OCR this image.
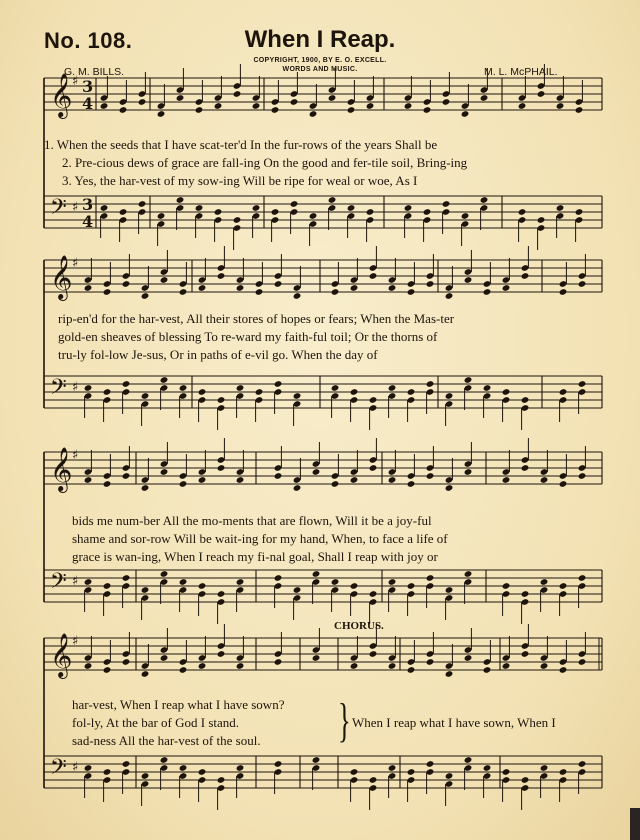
No. 108.	When I Reap.
COPYRIGHT, 1900, BY E. O. EXCELL.
WORDS AND MUSIC.
G. M. BILLS.	M. L. McPHAIL.
𝄞 ♯ 3
4
𝄢 ♯ 3
4
𝄞 ♯
𝄢 ♯
𝄞 ♯
𝄢 ♯
𝄞 ♯
𝄢 ♯
1. When the seeds that I have scat-ter'd In the fur-rows of the years Shall be
2. Pre-cious dews of grace are fall-ing On the good and fer-tile soil, Bring-ing
3. Yes, the har-vest of my sow-ing Will be ripe for weal or woe, As I
rip-en'd for the har-vest, All their stores of hopes or fears; When the Mas-ter
gold-en sheaves of blessing To re-ward my faith-ful toil; Or the thorns of
tru-ly fol-low Je-sus, Or in paths of e-vil go. When the day of
bids me num-ber All the mo-ments that are flown, Will it be a joy-ful
shame and sor-row Will be wait-ing for my hand, When, to face a life of
grace is wan-ing, When I reach my fi-nal goal, Shall I reap with joy or
CHORUS.
har-vest, When I reap what I have sown?
fol-ly, At the bar of God I stand.
sad-ness All the har-vest of the soul. } When I reap what I have sown, When I
